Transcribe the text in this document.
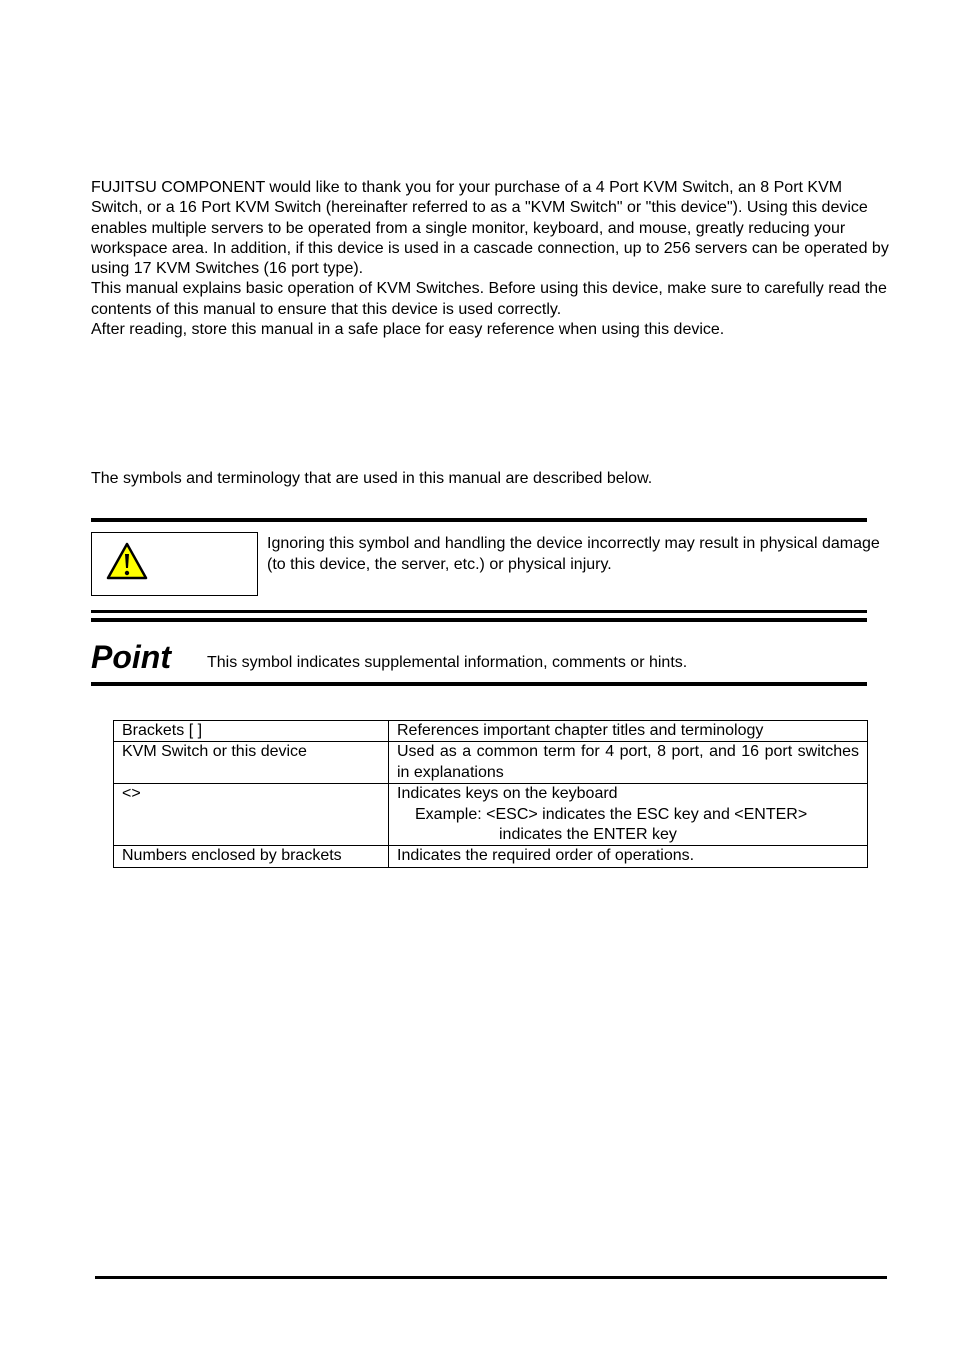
FUJITSU COMPONENT would like to thank you for your purchase of a 4 Port KVM Switch, an 8 Port KVM Switch, or a 16 Port KVM Switch (hereinafter referred to as a "KVM Switch" or "this device"). Using this device enables multiple servers to be operated from a single monitor, keyboard, and mouse, greatly reducing your workspace area. In addition, if this device is used in a cascade connection, up to 256 servers can be operated by using 17 KVM Switches (16 port type).

This manual explains basic operation of KVM Switches. Before using this device, make sure to carefully read the contents of this manual to ensure that this device is used correctly.

After reading, store this manual in a safe place for easy reference when using this device.

The symbols and terminology that are used in this manual are described below.

Ignoring this symbol and handling the device incorrectly may result in physical damage (to this device, the server, etc.) or physical injury.

Point This symbol indicates supplemental information, comments or hints.

Brackets [ ]	References important chapter titles and terminology
KVM Switch or this device	Used as a common term for 4 port, 8 port, and 16 port switches in explanations
<>	Indicates keys on the keyboard
Example: <ESC> indicates the ESC key and <ENTER>
indicates the ENTER key

Numbers enclosed by brackets	Indicates the required order of operations.
